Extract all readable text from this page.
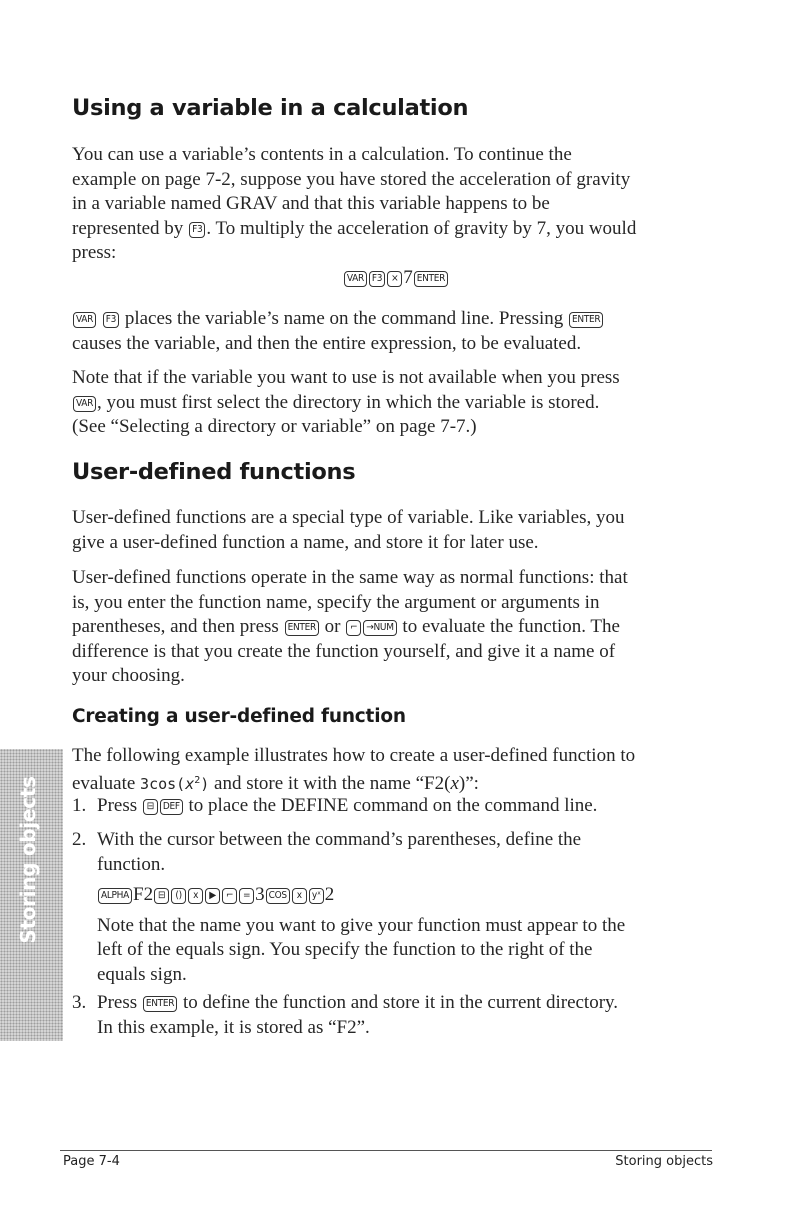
Using a variable in a calculation

You can use a variable’s contents in a calculation. To continue the
example on page 7-2, suppose you have stored the acceleration of gravity
in a variable named GRAV and that this variable happens to be
represented by F3 . To multiply the acceleration of gravity by 7, you would
press:

VAR F3 × 7 ENTER

VAR F3 places the variable’s name on the command line. Pressing ENTER
causes the variable, and then the entire expression, to be evaluated.

Note that if the variable you want to use is not available when you press
VAR , you must first select the directory in which the variable is stored.
(See “Selecting a directory or variable” on page 7-7.)

User-defined functions

User-defined functions are a special type of variable. Like variables, you
give a user-defined function a name, and store it for later use.

User-defined functions operate in the same way as normal functions: that
is, you enter the function name, specify the argument or arguments in
parentheses, and then press ENTER or ⌐ →NUM to evaluate the function. The
difference is that you create the function yourself, and give it a name of
your choosing.

Creating a user-defined function

The following example illustrates how to create a user-defined function to
evaluate $3\cos(x^2)$ and store it with the name “F2(x)”:

1. Press ⊟ DEF to place the DEFINE command on the command line.
2. With the cursor between the command’s parentheses, define the
function.
ALPHA F2 ⊟ () x ▶ ⌐ = 3 COS x yˣ 2
Note that the name you want to give your function must appear to the
left of the equals sign. You specify the function to the right of the
equals sign.
3. Press ENTER to define the function and store it in the current directory.
In this example, it is stored as “F2”.
Storing objects
Page 7-4	Storing objects
